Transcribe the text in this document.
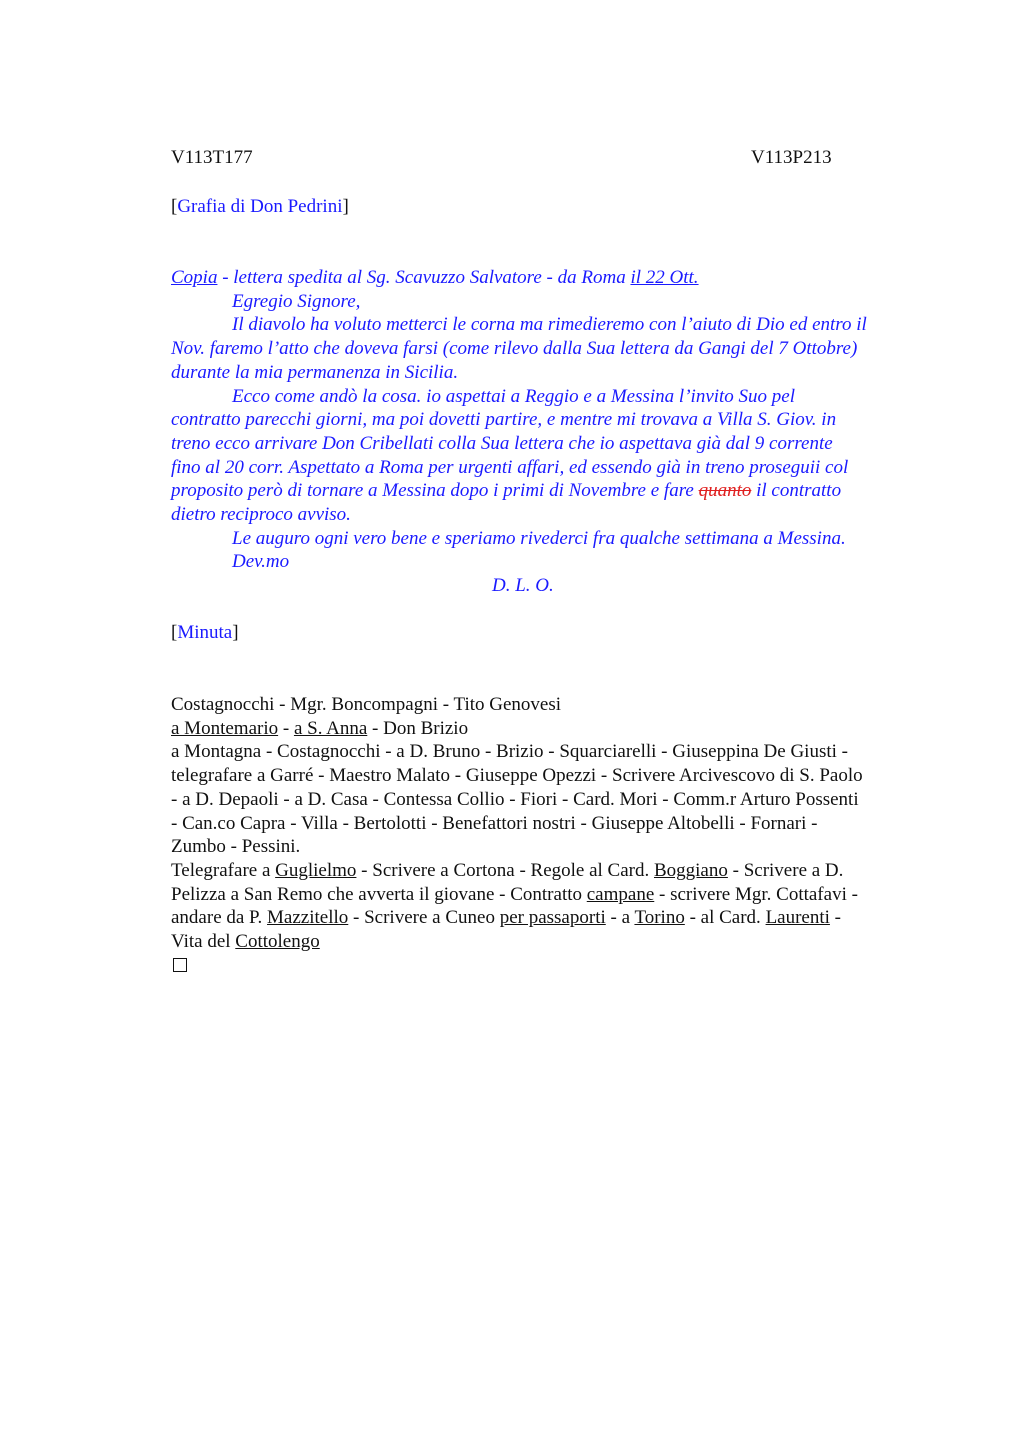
V113T177	V113P213
[Grafia di Don Pedrini]
Copia - lettera spedita al Sg. Scavuzzo Salvatore - da Roma il 22 Ott.
Egregio Signore,
Il diavolo ha voluto metterci le corna ma rimedieremo con l’aiuto di Dio ed entro il
Nov. faremo l’atto che doveva farsi (come rilevo dalla Sua lettera da Gangi del 7 Ottobre)
durante la mia permanenza in Sicilia.
Ecco come andò la cosa. io aspettai a Reggio e a Messina l’invito Suo pel
contratto parecchi giorni, ma poi dovetti partire, e mentre mi trovava a Villa S. Giov. in
treno ecco arrivare Don Cribellati colla Sua lettera che io aspettava già dal 9 corrente
fino al 20 corr. Aspettato a Roma per urgenti affari, ed essendo già in treno proseguii col
proposito però di tornare a Messina dopo i primi di Novembre e fare quanto il contratto
dietro reciproco avviso.
Le auguro ogni vero bene e speriamo rivederci fra qualche settimana a Messina.
Dev.mo
D. L. O.
[Minuta]
Costagnocchi - Mgr. Boncompagni - Tito Genovesi
a Montemario - a S. Anna - Don Brizio
a Montagna - Costagnocchi - a D. Bruno - Brizio - Squarciarelli - Giuseppina De Giusti -
telegrafare a Garré - Maestro Malato - Giuseppe Opezzi - Scrivere Arcivescovo di S. Paolo
- a D. Depaoli - a D. Casa - Contessa Collio - Fiori - Card. Mori - Comm.r Arturo Possenti
- Can.co Capra - Villa - Bertolotti - Benefattori nostri - Giuseppe Altobelli - Fornari -
Zumbo - Pessini.
Telegrafare a Guglielmo - Scrivere a Cortona - Regole al Card. Boggiano - Scrivere a D.
Pelizza a San Remo che avverta il giovane - Contratto campane - scrivere Mgr. Cottafavi -
andare da P. Mazzitello - Scrivere a Cuneo per passaporti - a Torino - al Card. Laurenti -
Vita del Cottolengo
